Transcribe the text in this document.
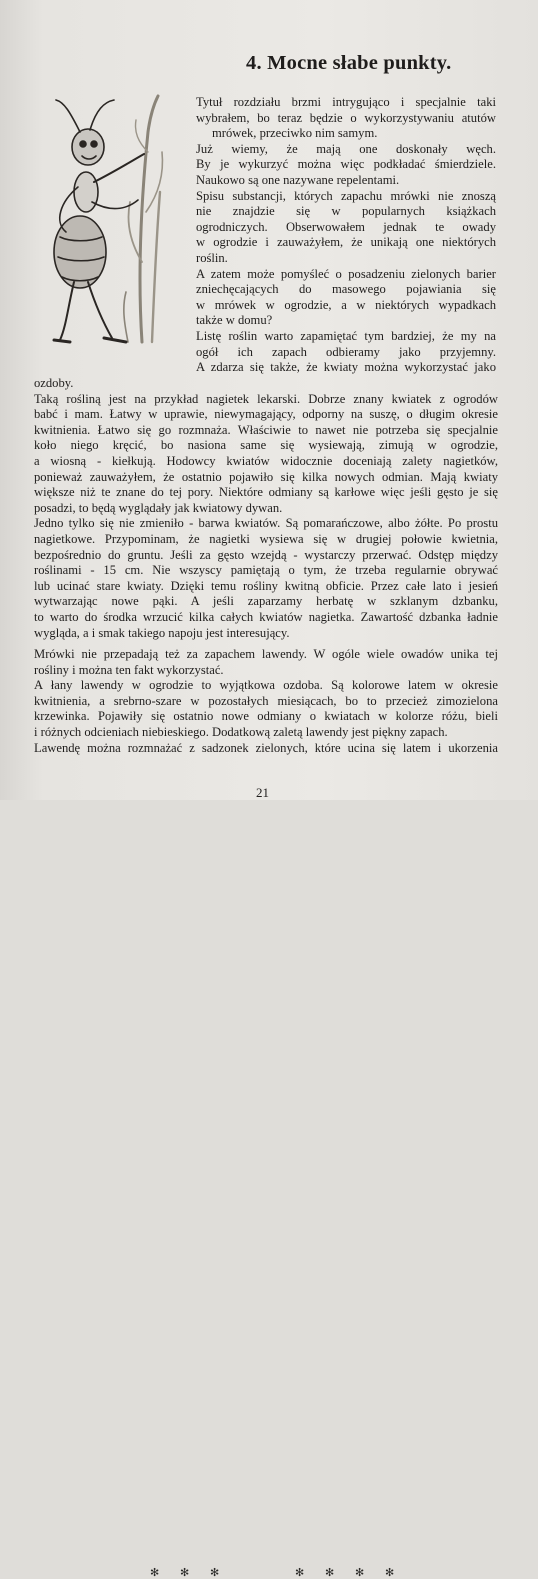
4. Mocne słabe punkty.
Tytuł rozdziału brzmi intrygująco i specjalnie taki
wybrałem, bo teraz będzie o wykorzystywaniu atutów
mrówek, przeciwko nim samym.
Już wiemy, że mają one doskonały węch.
By je wykurzyć można więc podkładać śmierdziele.
Naukowo są one nazywane repelentami.
Spisu substancji, których zapachu mrówki nie znoszą
nie znajdzie się w popularnych książkach
ogrodniczych. Obserwowałem jednak te owady
w ogrodzie i zauważyłem, że unikają one niektórych
roślin.
A zatem może pomyśleć o posadzeniu zielonych barier
zniechęcających do masowego pojawiania się
w mrówek w ogrodzie, a w niektórych wypadkach
także w domu?
Listę roślin warto zapamiętać tym bardziej, że my na
ogół ich zapach odbieramy jako przyjemny.
A zdarza się także, że kwiaty można wykorzystać jako
ozdoby.
Taką rośliną jest na przykład nagietek lekarski. Dobrze znany kwiatek z ogrodów
babć i mam. Łatwy w uprawie, niewymagający, odporny na suszę, o długim okresie
kwitnienia. Łatwo się go rozmnaża. Właściwie to nawet nie potrzeba się specjalnie
koło niego kręcić, bo nasiona same się wysiewają, zimują w ogrodzie,
a wiosną - kiełkują. Hodowcy kwiatów widocznie doceniają zalety nagietków,
ponieważ zauważyłem, że ostatnio pojawiło się kilka nowych odmian. Mają kwiaty
większe niż te znane do tej pory. Niektóre odmiany są karłowe więc jeśli gęsto je się
posadzi, to będą wyglądały jak kwiatowy dywan.
Jedno tylko się nie zmieniło - barwa kwiatów. Są pomarańczowe, albo żółte. Po prostu
nagietkowe. Przypominam, że nagietki wysiewa się w drugiej połowie kwietnia,
bezpośrednio do gruntu. Jeśli za gęsto wzejdą - wystarczy przerwać. Odstęp między
roślinami - 15 cm. Nie wszyscy pamiętają o tym, że trzeba regularnie obrywać
lub ucinać stare kwiaty. Dzięki temu rośliny kwitną obficie. Przez całe lato i jesień
wytwarzając nowe pąki. A jeśli zaparzamy herbatę w szklanym dzbanku,
to warto do środka wrzucić kilka całych kwiatów nagietka. Zawartość dzbanka ładnie
wygląda, a i smak takiego napoju jest interesujący.
Mrówki nie przepadają też za zapachem lawendy. W ogóle wiele owadów unika tej
rośliny i można ten fakt wykorzystać.
A łany lawendy w ogrodzie to wyjątkowa ozdoba. Są kolorowe latem w okresie
kwitnienia, a srebrno-szare w pozostałych miesiącach, bo to przecież zimozielona
krzewinka. Pojawiły się ostatnio nowe odmiany o kwiatach w kolorze różu, bieli
i różnych odcieniach niebieskiego. Dodatkową zaletą lawendy jest piękny zapach.
Lawendę można rozmnażać z sadzonek zielonych, które ucina się latem i ukorzenia
✻ ✻ ✻	✻ ✻ ✻ ✻
21
